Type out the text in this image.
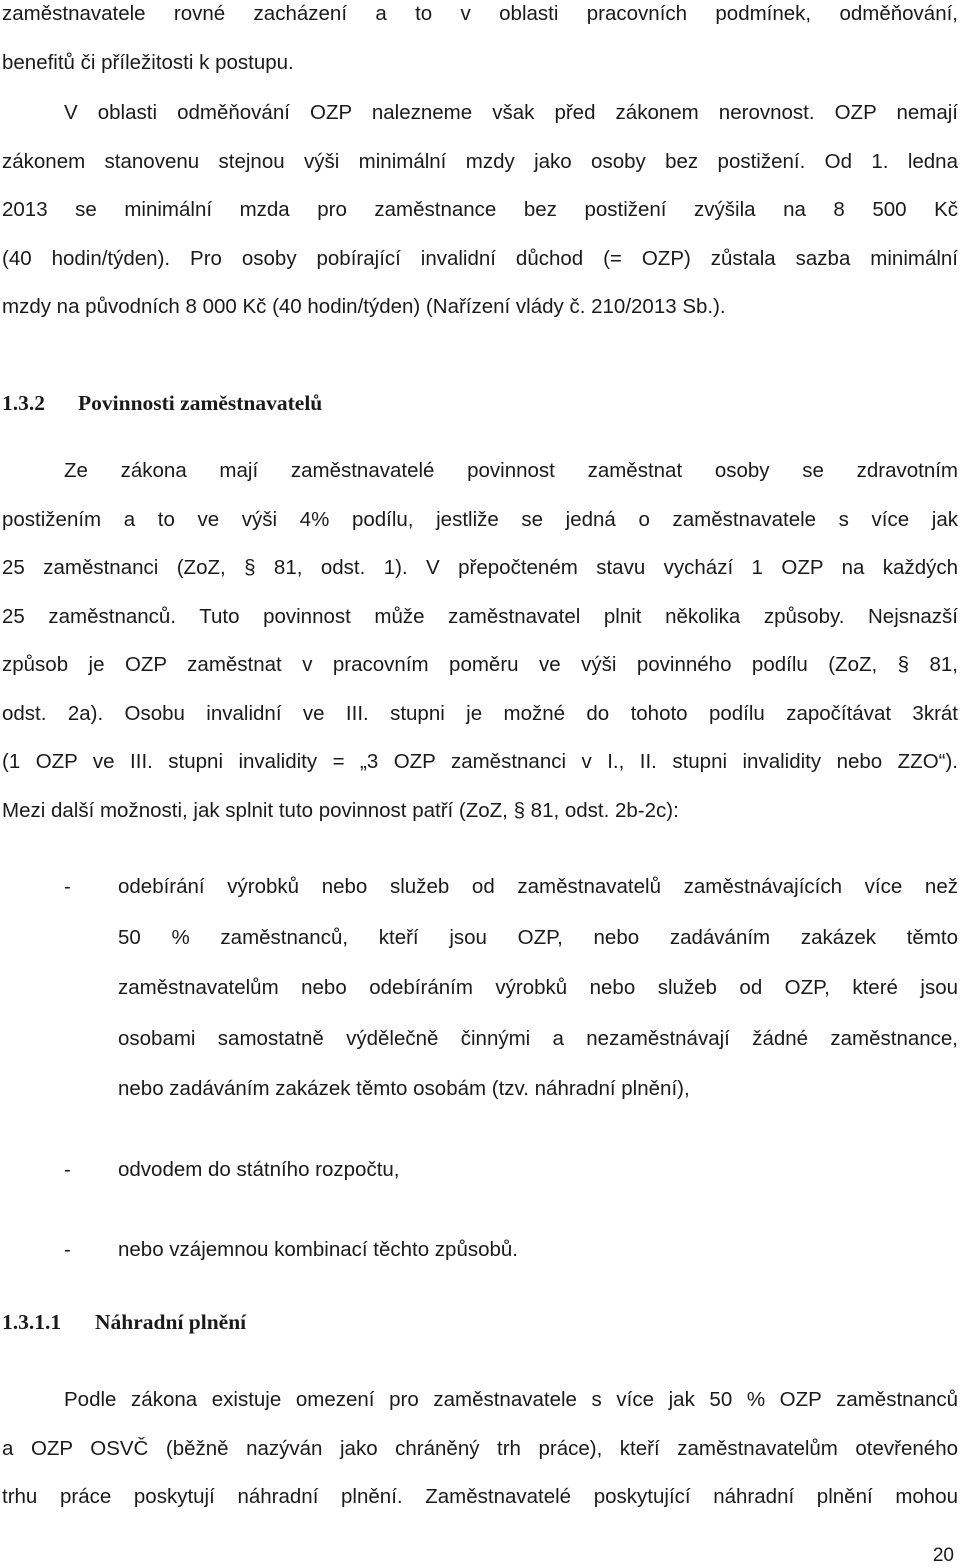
zaměstnavatele rovné zacházení a to v oblasti pracovních podmínek, odměňování,
benefitů či příležitosti k postupu.
V oblasti odměňování OZP nalezneme však před zákonem nerovnost. OZP nemají
zákonem stanovenu stejnou výši minimální mzdy jako osoby bez postižení. Od 1. ledna
2013 se minimální mzda pro zaměstnance bez postižení zvýšila na 8 500 Kč
(40 hodin/týden). Pro osoby pobírající invalidní důchod (= OZP) zůstala sazba minimální
mzdy na původních 8 000 Kč (40 hodin/týden) (Nařízení vlády č. 210/2013 Sb.).
1.3.2 Povinnosti zaměstnavatelů
Ze zákona mají zaměstnavatelé povinnost zaměstnat osoby se zdravotním
postižením a to ve výši 4% podílu, jestliže se jedná o zaměstnavatele s více jak
25 zaměstnanci (ZoZ, § 81, odst. 1). V přepočteném stavu vychází 1 OZP na každých
25 zaměstnanců. Tuto povinnost může zaměstnavatel plnit několika způsoby. Nejsnazší
způsob je OZP zaměstnat v pracovním poměru ve výši povinného podílu (ZoZ, § 81,
odst. 2a). Osobu invalidní ve III. stupni je možné do tohoto podílu započítávat 3krát
(1 OZP ve III. stupni invalidity = „3 OZP zaměstnanci v I., II. stupni invalidity nebo ZZO“).
Mezi další možnosti, jak splnit tuto povinnost patří (ZoZ, § 81, odst. 2b-2c):
- odebírání výrobků nebo služeb od zaměstnavatelů zaměstnávajících více než
50 % zaměstnanců, kteří jsou OZP, nebo zadáváním zakázek těmto
zaměstnavatelům nebo odebíráním výrobků nebo služeb od OZP, které jsou
osobami samostatně výdělečně činnými a nezaměstnávají žádné zaměstnance,
nebo zadáváním zakázek těmto osobám (tzv. náhradní plnění),
- odvodem do státního rozpočtu,
- nebo vzájemnou kombinací těchto způsobů.
1.3.1.1 Náhradní plnění
Podle zákona existuje omezení pro zaměstnavatele s více jak 50 % OZP zaměstnanců
a OZP OSVČ (běžně nazýván jako chráněný trh práce), kteří zaměstnavatelům otevřeného
trhu práce poskytují náhradní plnění. Zaměstnavatelé poskytující náhradní plnění mohou
20
